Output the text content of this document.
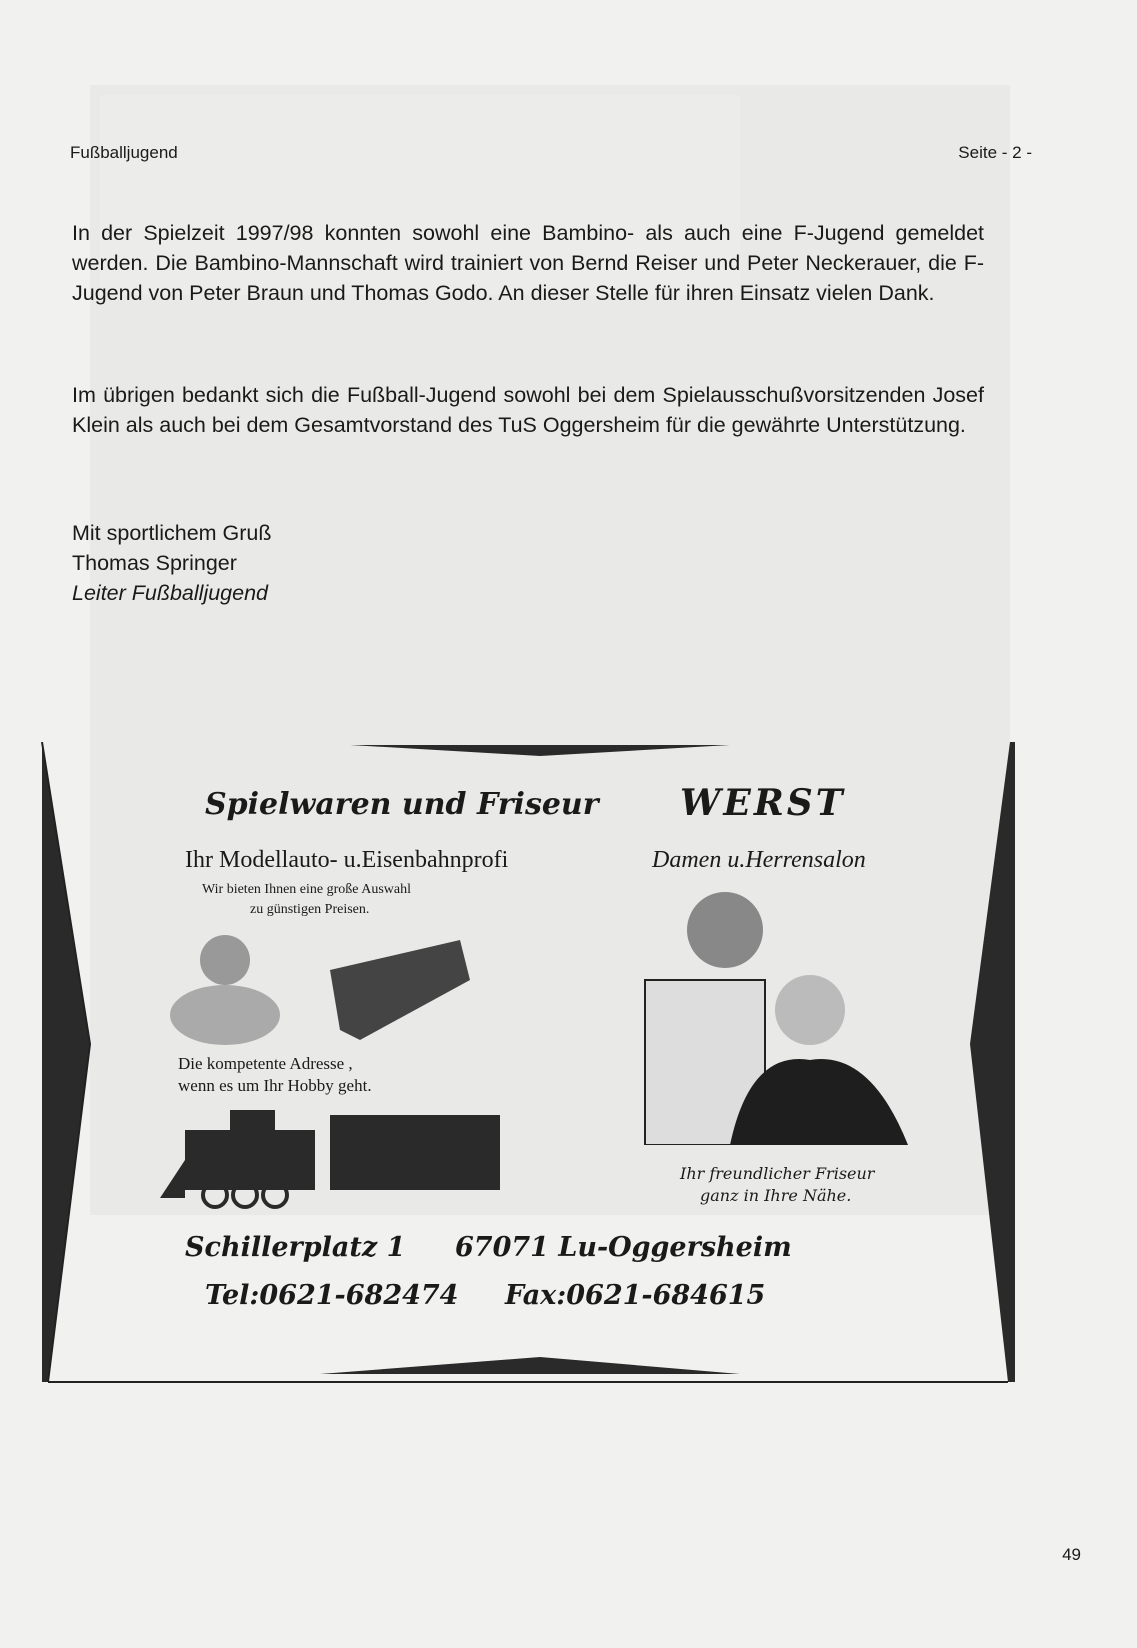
Fußballjugend	Seite - 2 -
In der Spielzeit 1997/98 konnten sowohl eine Bambino- als auch eine F-Jugend gemeldet werden. Die Bambino-Mannschaft wird trainiert von Bernd Reiser und Peter Neckerauer, die F-Jugend von Peter Braun und Thomas Godo. An dieser Stelle für ihren Einsatz vielen Dank.
Im übrigen bedankt sich die Fußball-Jugend sowohl bei dem Spielausschußvorsitzenden Josef Klein als auch bei dem Gesamtvorstand des TuS Oggersheim für die gewährte Unterstützung.
Mit sportlichem Gruß
Thomas Springer
Leiter Fußballjugend
Spielwaren und Friseur WERST
Ihr Modellauto- u.Eisenbahnprofi
Wir bieten Ihnen eine große Auswahl
zu günstigen Preisen.
Die kompetente Adresse ,
wenn es um Ihr Hobby geht.
Damen u.Herrensalon
Ihr freundlicher Friseur
ganz in Ihre Nähe.
Schillerplatz 1 67071 Lu-Oggersheim
Tel:0621-682474 Fax:0621-684615
49
